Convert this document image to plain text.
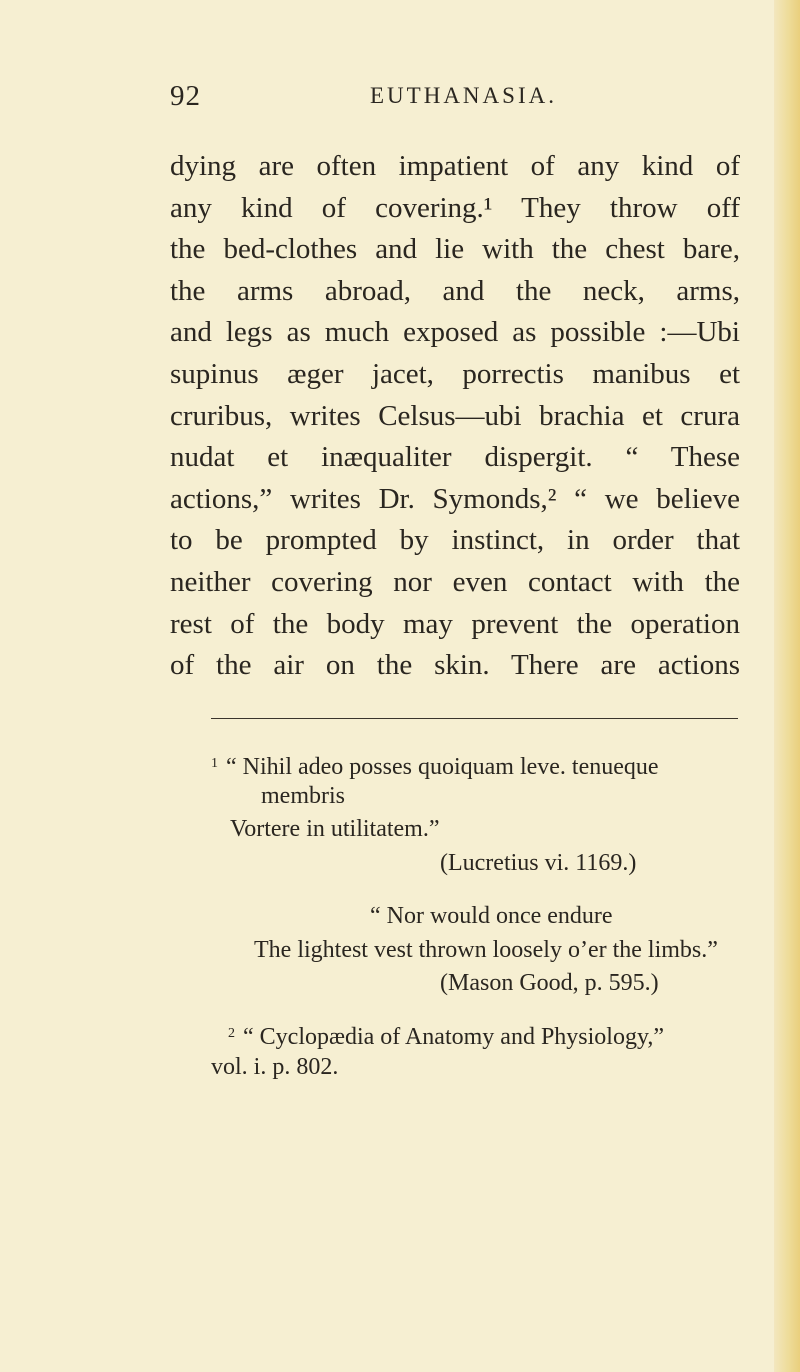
92	EUTHANASIA.
dying are often impatient of any kind of
any kind of covering.¹ They throw off
the bed-clothes and lie with the chest bare,
the arms abroad, and the neck, arms,
and legs as much exposed as possible :—Ubi
supinus æger jacet, porrectis manibus et
cruribus, writes Celsus—ubi brachia et crura
nudat et inæqualiter dispergit. “ These
actions,” writes Dr. Symonds,² “ we believe
to be prompted by instinct, in order that
neither covering nor even contact with the
rest of the body may prevent the operation
of the air on the skin. There are actions
$^1$ “ Nihil adeo posses quoiquam leve. tenueque
membris
Vortere in utilitatem.”
(Lucretius vi. 1169.)
“ Nor would once endure
The lightest vest thrown loosely o’er the limbs.”
(Mason Good, p. 595.)
$^2$ “ Cyclopædia of Anatomy and Physiology,”
vol. i. p. 802.
